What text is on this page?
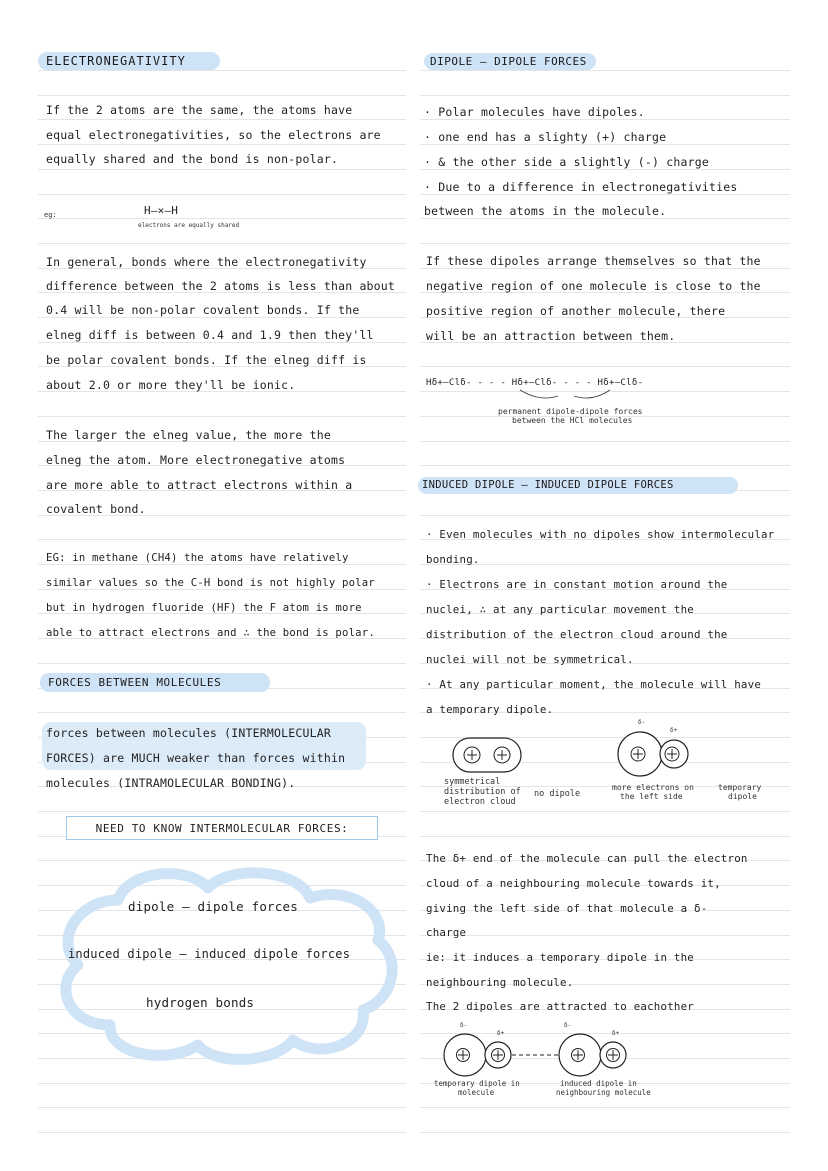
ELECTRONEGATIVITY
If the 2 atoms are the same, the atoms have
equal electronegativities, so the electrons are
equally shared and the bond is non-polar.
eg:	H—×—H
electrons are equally shared
In general, bonds where the electronegativity
difference between the 2 atoms is less than about
0.4 will be non-polar covalent bonds. If the
elneg diff is between 0.4 and 1.9 then they'll
be polar covalent bonds. If the elneg diff is
about 2.0 or more they'll be ionic.
The larger the elneg value, the more the
elneg the atom. More electronegative atoms
are more able to attract electrons within a
covalent bond.
EG: in methane (CH4) the atoms have relatively
similar values so the C-H bond is not highly polar
but in hydrogen fluoride (HF) the F atom is more
able to attract electrons and ∴ the bond is polar.
FORCES BETWEEN MOLECULES
forces between molecules (INTERMOLECULAR
FORCES) are MUCH weaker than forces within
molecules (INTRAMOLECULAR BONDING).
NEED TO KNOW INTERMOLECULAR FORCES:
dipole — dipole forces
induced dipole — induced dipole forces
hydrogen bonds
DIPOLE — DIPOLE FORCES
· Polar molecules have dipoles.
· one end has a slighty (+) charge
· & the other side a slightly (-) charge
· Due to a difference in electronegativities
between the atoms in the molecule.
If these dipoles arrange themselves so that the
negative region of one molecule is close to the
positive region of another molecule, there
will be an attraction between them.
Hδ+—Clδ- - - - Hδ+—Clδ- - - - Hδ+—Clδ-
permanent dipole-dipole forces
between the HCl molecules
INDUCED DIPOLE — INDUCED DIPOLE FORCES
· Even molecules with no dipoles show intermolecular
bonding.
· Electrons are in constant motion around the
nuclei, ∴ at any particular movement the
distribution of the electron cloud around the
nuclei will not be symmetrical.
· At any particular moment, the molecule will have
a temporary dipole.
symmetrical
distribution of
electron cloud
no dipole
δ-
δ+
more electrons on
the left side
temporary
dipole
The δ+ end of the molecule can pull the electron
cloud of a neighbouring molecule towards it,
giving the left side of that molecule a δ-
charge
ie: it induces a temporary dipole in the
neighbouring molecule.
The 2 dipoles are attracted to eachother
δ-
δ+
δ-
δ+
temporary dipole in
molecule
induced dipole in
neighbouring molecule
